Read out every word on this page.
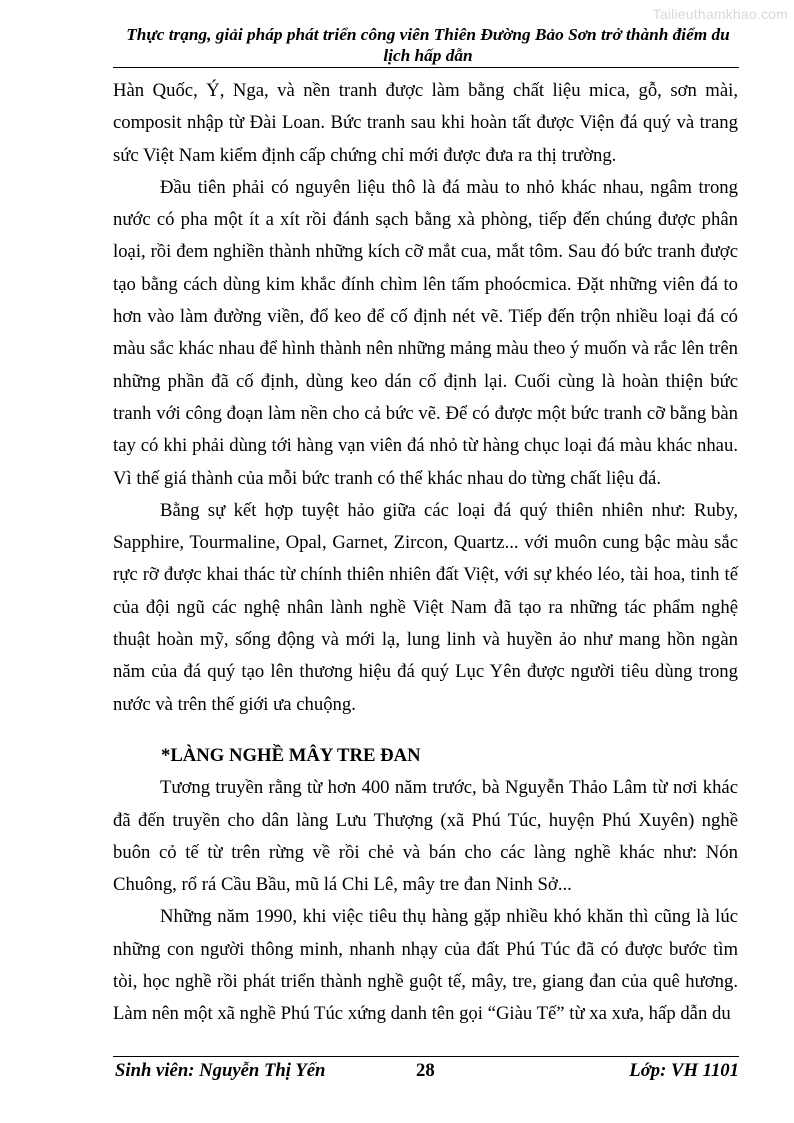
Tailieuthamkhao.com
Thực trạng, giải pháp phát triển công viên Thiên Đường Bảo Sơn trở thành điểm du lịch hấp dẫn

Hàn Quốc, Ý, Nga, và nền tranh được làm bằng chất liệu mica, gỗ, sơn mài, composit nhập từ Đài Loan. Bức tranh sau khi hoàn tất được Viện đá quý và trang sức Việt Nam kiểm định cấp chứng chỉ mới được đưa ra thị trường.

Đầu tiên phải có nguyên liệu thô là đá màu to nhỏ khác nhau, ngâm trong nước có pha một ít a xít rồi đánh sạch bằng xà phòng, tiếp đến chúng được phân loại, rồi đem nghiền thành những kích cỡ mắt cua, mắt tôm. Sau đó bức tranh được tạo bằng cách dùng kim khắc đính chìm lên tấm phoócmica. Đặt những viên đá to hơn vào làm đường viền, đổ keo để cố định nét vẽ. Tiếp đến trộn nhiều loại đá có màu sắc khác nhau để hình thành nên những mảng màu theo ý muốn và rắc lên trên những phần đã cố định, dùng keo dán cố định lại. Cuối cùng là hoàn thiện bức tranh với công đoạn làm nền cho cả bức vẽ. Để có được một bức tranh cỡ bằng bàn tay có khi phải dùng tới hàng vạn viên đá nhỏ từ hàng chục loại đá màu khác nhau. Vì thế giá thành của mỗi bức tranh có thể khác nhau do từng chất liệu đá.

Bằng sự kết hợp tuyệt hảo giữa các loại đá quý thiên nhiên như: Ruby, Sapphire, Tourmaline, Opal, Garnet, Zircon, Quartz... với muôn cung bậc màu sắc rực rỡ được khai thác từ chính thiên nhiên đất Việt, với sự khéo léo, tài hoa, tinh tế của đội ngũ các nghệ nhân lành nghề Việt Nam đã tạo ra những tác phẩm nghệ thuật hoàn mỹ, sống động và mới lạ, lung linh và huyền ảo như mang hồn ngàn năm của đá quý tạo lên thương hiệu đá quý Lục Yên được người tiêu dùng trong nước và trên thế giới ưa chuộng.

*LÀNG NGHỀ MÂY TRE ĐAN

Tương truyền rằng từ hơn 400 năm trước, bà Nguyễn Thảo Lâm từ nơi khác đã đến truyền cho dân làng Lưu Thượng (xã Phú Túc, huyện Phú Xuyên) nghề buôn cỏ tế từ trên rừng về rồi chẻ và bán cho các làng nghề khác như: Nón Chuông, rổ rá Cầu Bầu, mũ lá Chi Lê, mây tre đan Ninh Sở...

Những năm 1990, khi việc tiêu thụ hàng gặp nhiều khó khăn thì cũng là lúc những con người thông minh, nhanh nhạy của đất Phú Túc đã có được bước tìm tòi, học nghề rồi phát triển thành nghề guột tế, mây, tre, giang đan của quê hương. Làm nên một xã nghề Phú Túc xứng danh tên gọi “Giàu Tế” từ xa xưa, hấp dẫn du

Sinh viên: Nguyễn Thị Yến	28	Lớp: VH 1101
